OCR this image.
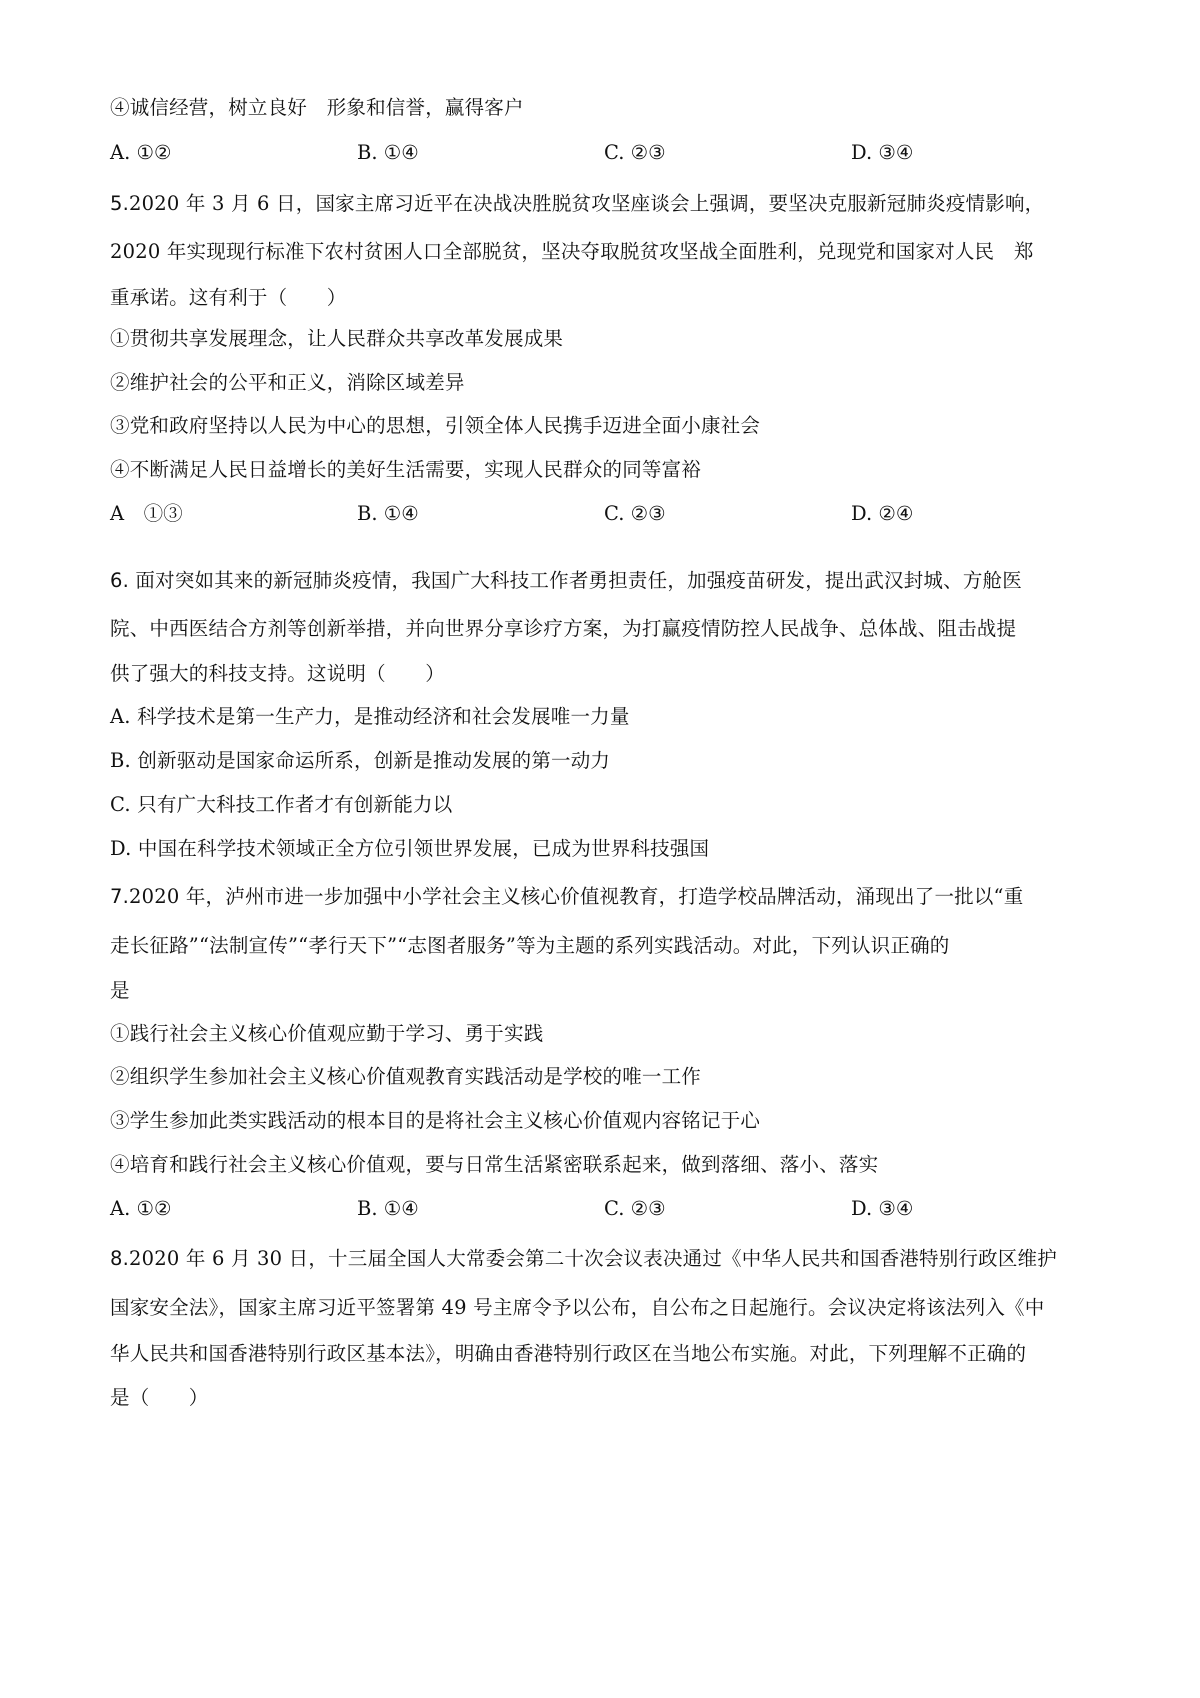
④诚信经营，树立良好　形象和信誉，赢得客户
A. ①②	B. ①④	C. ②③	D. ③④
5.2020 年 3 月 6 日，国家主席习近平在决战决胜脱贫攻坚座谈会上强调，要坚决克服新冠肺炎疫情影响，
2020 年实现现行标准下农村贫困人口全部脱贫，坚决夺取脱贫攻坚战全面胜利，兑现党和国家对人民　郑
重承诺。这有利于（　　）
①贯彻共享发展理念，让人民群众共享改革发展成果
②维护社会的公平和正义，消除区域差异
③党和政府坚持以人民为中心的思想，引领全体人民携手迈进全面小康社会
④不断满足人民日益增长的美好生活需要，实现人民群众的同等富裕
A　①③	B. ①④	C. ②③	D. ②④
6. 面对突如其来的新冠肺炎疫情，我国广大科技工作者勇担责任，加强疫苗研发，提出武汉封城、方舱医
院、中西医结合方剂等创新举措，并向世界分享诊疗方案，为打赢疫情防控人民战争、总体战、阻击战提
供了强大的科技支持。这说明（　　）
A. 科学技术是第一生产力，是推动经济和社会发展唯一力量
B. 创新驱动是国家命运所系，创新是推动发展的第一动力
C. 只有广大科技工作者才有创新能力以
D. 中国在科学技术领域正全方位引领世界发展，已成为世界科技强国
7.2020 年，泸州市进一步加强中小学社会主义核心价值视教育，打造学校品牌活动，涌现出了一批以“重
走长征路”“法制宣传”“孝行天下”“志图者服务”等为主题的系列实践活动。对此，下列认识正确的
是
①践行社会主义核心价值观应勤于学习、勇于实践
②组织学生参加社会主义核心价值观教育实践活动是学校的唯一工作
③学生参加此类实践活动的根本目的是将社会主义核心价值观内容铭记于心
④培育和践行社会主义核心价值观，要与日常生活紧密联系起来，做到落细、落小、落实
A. ①②	B. ①④	C. ②③	D. ③④
8.2020 年 6 月 30 日，十三届全国人大常委会第二十次会议表决通过《中华人民共和国香港特别行政区维护
国家安全法》，国家主席习近平签署第 49 号主席令予以公布，自公布之日起施行。会议决定将该法列入《中
华人民共和国香港特别行政区基本法》，明确由香港特别行政区在当地公布实施。对此，下列理解不正确的
是（　　）
